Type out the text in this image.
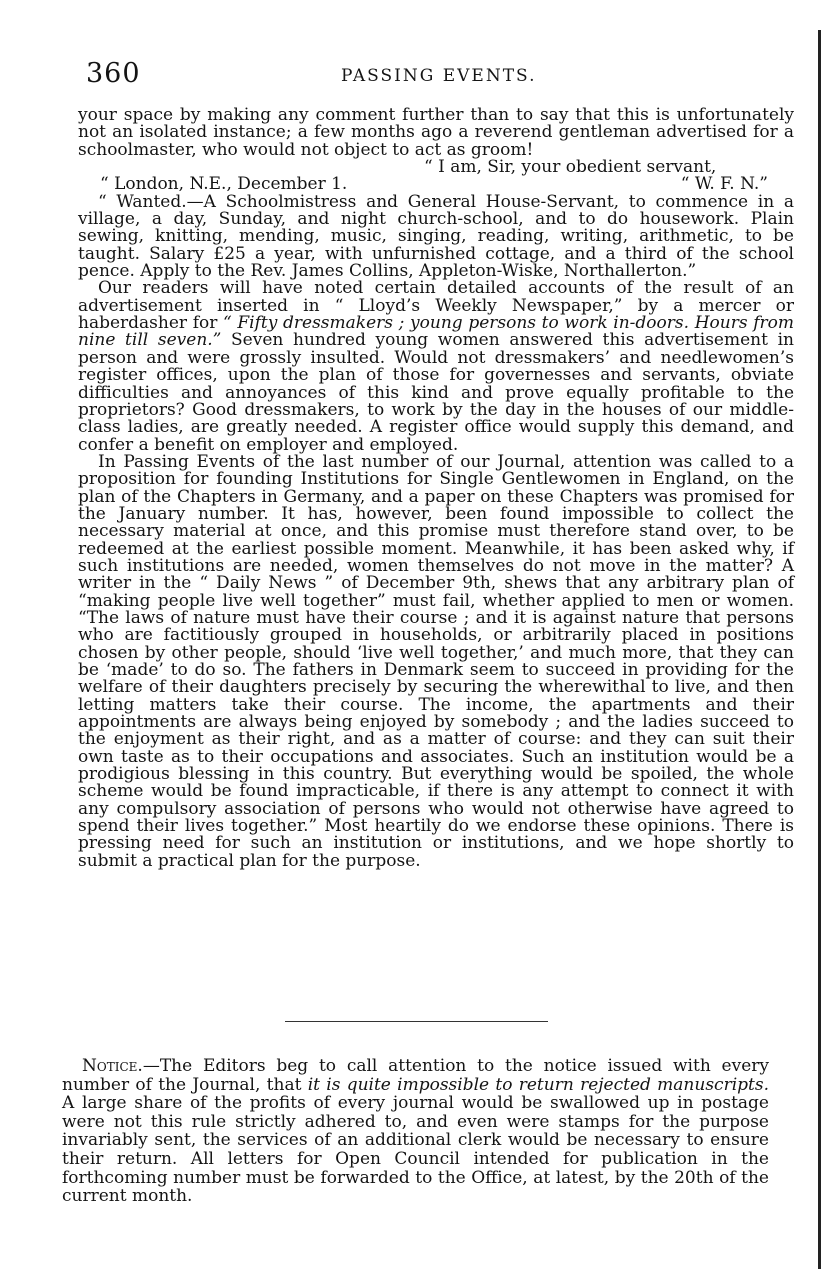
360	PASSING EVENTS.

your space by making any comment further than to say that this is unfortunately not an isolated instance; a few months ago a reverend gentleman advertised for a schoolmaster, who would not object to act as groom!

“ I am, Sir, your obedient servant,
“ London, N.E., December 1.	“ W. F. N.”

“ Wanted.—A Schoolmistress and General House-Servant, to commence in a village, a day, Sunday, and night church-school, and to do housework. Plain sewing, knitting, mending, music, singing, reading, writing, arithmetic, to be taught. Salary £25 a year, with unfurnished cottage, and a third of the school pence. Apply to the Rev. James Collins, Appleton-Wiske, Northallerton.”

Our readers will have noted certain detailed accounts of the result of an advertisement inserted in “ Lloyd’s Weekly Newspaper,” by a mercer or haberdasher for “ Fifty dressmakers ; young persons to work in-doors. Hours from nine till seven.” Seven hundred young women answered this advertisement in person and were grossly insulted. Would not dressmakers’ and needlewomen’s register offices, upon the plan of those for governesses and servants, obviate difficulties and annoyances of this kind and prove equally profitable to the proprietors? Good dressmakers, to work by the day in the houses of our middle-class ladies, are greatly needed. A register office would supply this demand, and confer a benefit on employer and employed.

In Passing Events of the last number of our Journal, attention was called to a proposition for founding Institutions for Single Gentlewomen in England, on the plan of the Chapters in Germany, and a paper on these Chapters was promised for the January number. It has, however, been found impossible to collect the necessary material at once, and this promise must therefore stand over, to be redeemed at the earliest possible moment. Meanwhile, it has been asked why, if such institutions are needed, women themselves do not move in the matter? A writer in the “ Daily News ” of December 9th, shews that any arbitrary plan of “making people live well together” must fail, whether applied to men or women. “The laws of nature must have their course ; and it is against nature that persons who are factitiously grouped in households, or arbitrarily placed in positions chosen by other people, should ‘live well together,’ and much more, that they can be ‘made’ to do so. The fathers in Denmark seem to succeed in providing for the welfare of their daughters precisely by securing the wherewithal to live, and then letting matters take their course. The income, the apartments and their appointments are always being enjoyed by somebody ; and the ladies succeed to the enjoyment as their right, and as a matter of course: and they can suit their own taste as to their occupations and associates. Such an institution would be a prodigious blessing in this country. But everything would be spoiled, the whole scheme would be found impracticable, if there is any attempt to connect it with any compulsory association of persons who would not otherwise have agreed to spend their lives together.” Most heartily do we endorse these opinions. There is pressing need for such an institution or institutions, and we hope shortly to submit a practical plan for the purpose.

Notice.—The Editors beg to call attention to the notice issued with every number of the Journal, that it is quite impossible to return rejected manuscripts. A large share of the profits of every journal would be swallowed up in postage were not this rule strictly adhered to, and even were stamps for the purpose invariably sent, the services of an additional clerk would be necessary to ensure their return. All letters for Open Council intended for publication in the forthcoming number must be forwarded to the Office, at latest, by the 20th of the current month.
